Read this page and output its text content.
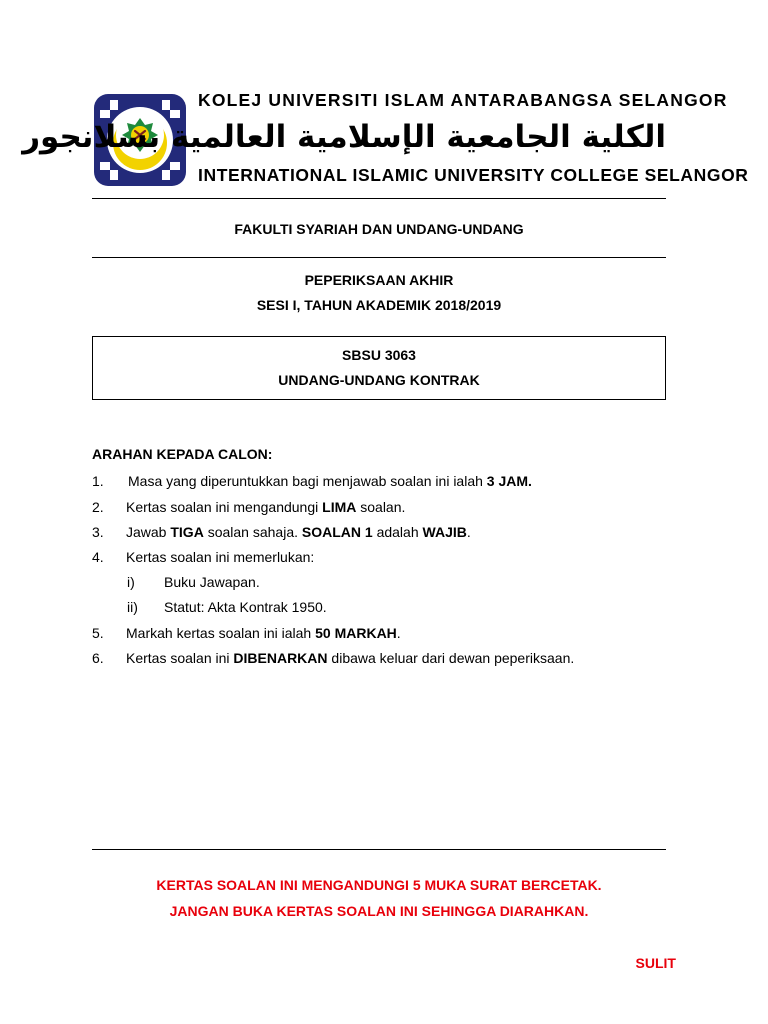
KOLEJ UNIVERSITI ISLAM ANTARABANGSA SELANGOR
الكلية الجامعية الإسلامية العالمية بسلانجور
INTERNATIONAL ISLAMIC UNIVERSITY COLLEGE SELANGOR
FAKULTI SYARIAH DAN UNDANG-UNDANG
PEPERIKSAAN AKHIR
SESI I, TAHUN AKADEMIK 2018/2019
SBSU 3063
UNDANG-UNDANG KONTRAK
ARAHAN KEPADA CALON:
1. Masa yang diperuntukkan bagi menjawab soalan ini ialah 3 JAM.
2. Kertas soalan ini mengandungi LIMA soalan.
3. Jawab TIGA soalan sahaja. SOALAN 1 adalah WAJIB.
4. Kertas soalan ini memerlukan:
i) Buku Jawapan.
ii) Statut: Akta Kontrak 1950.
5. Markah kertas soalan ini ialah 50 MARKAH.
6. Kertas soalan ini DIBENARKAN dibawa keluar dari dewan peperiksaan.
KERTAS SOALAN INI MENGANDUNGI 5 MUKA SURAT BERCETAK.
JANGAN BUKA KERTAS SOALAN INI SEHINGGA DIARAHKAN.
SULIT
